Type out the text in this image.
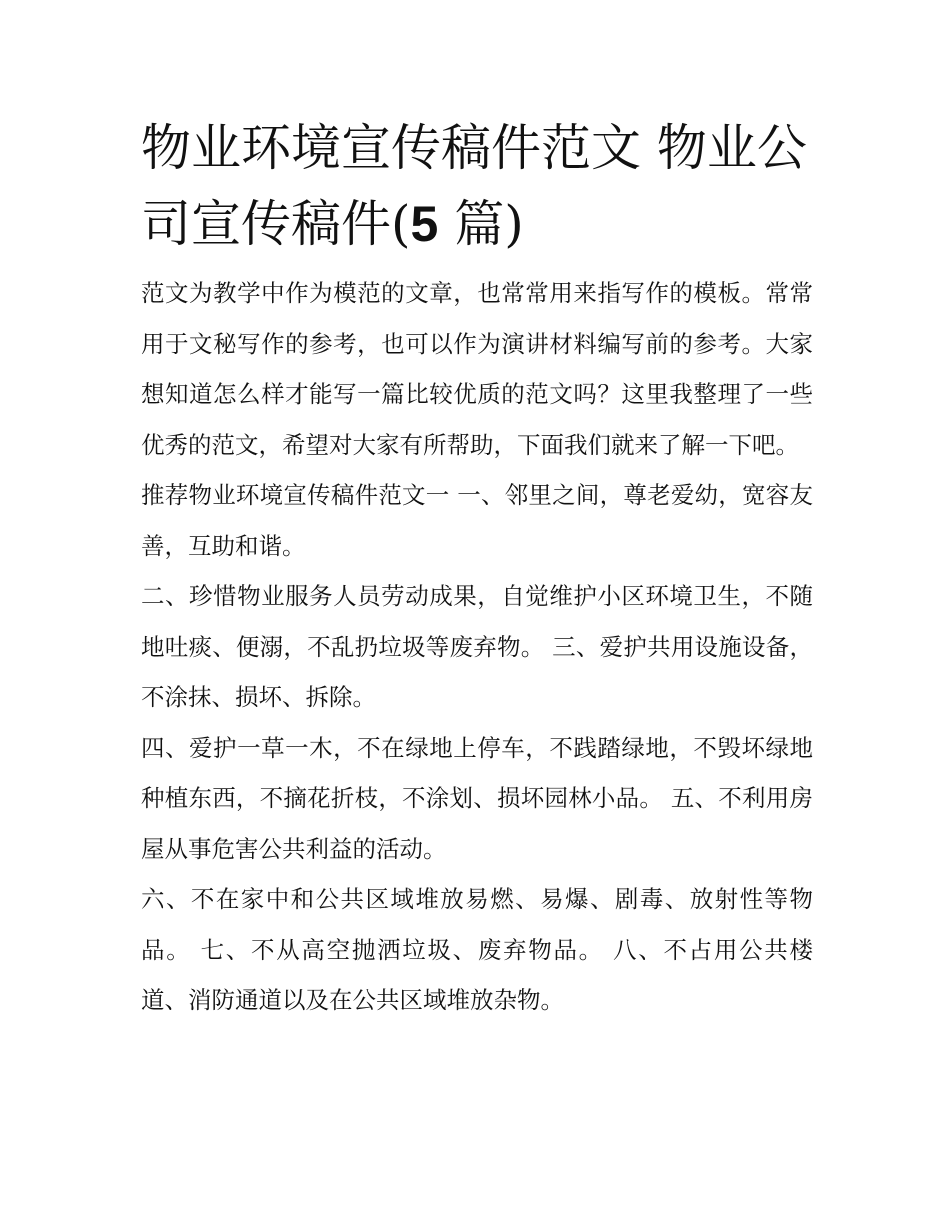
物业环境宣传稿件范文 物业公司宣传稿件(5 篇)

范文为教学中作为模范的文章，也常常用来指写作的模板。常常用于文秘写作的参考，也可以作为演讲材料编写前的参考。大家想知道怎么样才能写一篇比较优质的范文吗？这里我整理了一些优秀的范文，希望对大家有所帮助，下面我们就来了解一下吧。

推荐物业环境宣传稿件范文一 一、邻里之间，尊老爱幼，宽容友善，互助和谐。

二、珍惜物业服务人员劳动成果，自觉维护小区环境卫生，不随地吐痰、便溺，不乱扔垃圾等废弃物。 三、爱护共用设施设备，不涂抹、损坏、拆除。

四、爱护一草一木，不在绿地上停车，不践踏绿地，不毁坏绿地种植东西，不摘花折枝，不涂划、损坏园林小品。 五、不利用房屋从事危害公共利益的活动。

六、不在家中和公共区域堆放易燃、易爆、剧毒、放射性等物品。 七、不从高空抛洒垃圾、废弃物品。 八、不占用公共楼道、消防通道以及在公共区域堆放杂物。
